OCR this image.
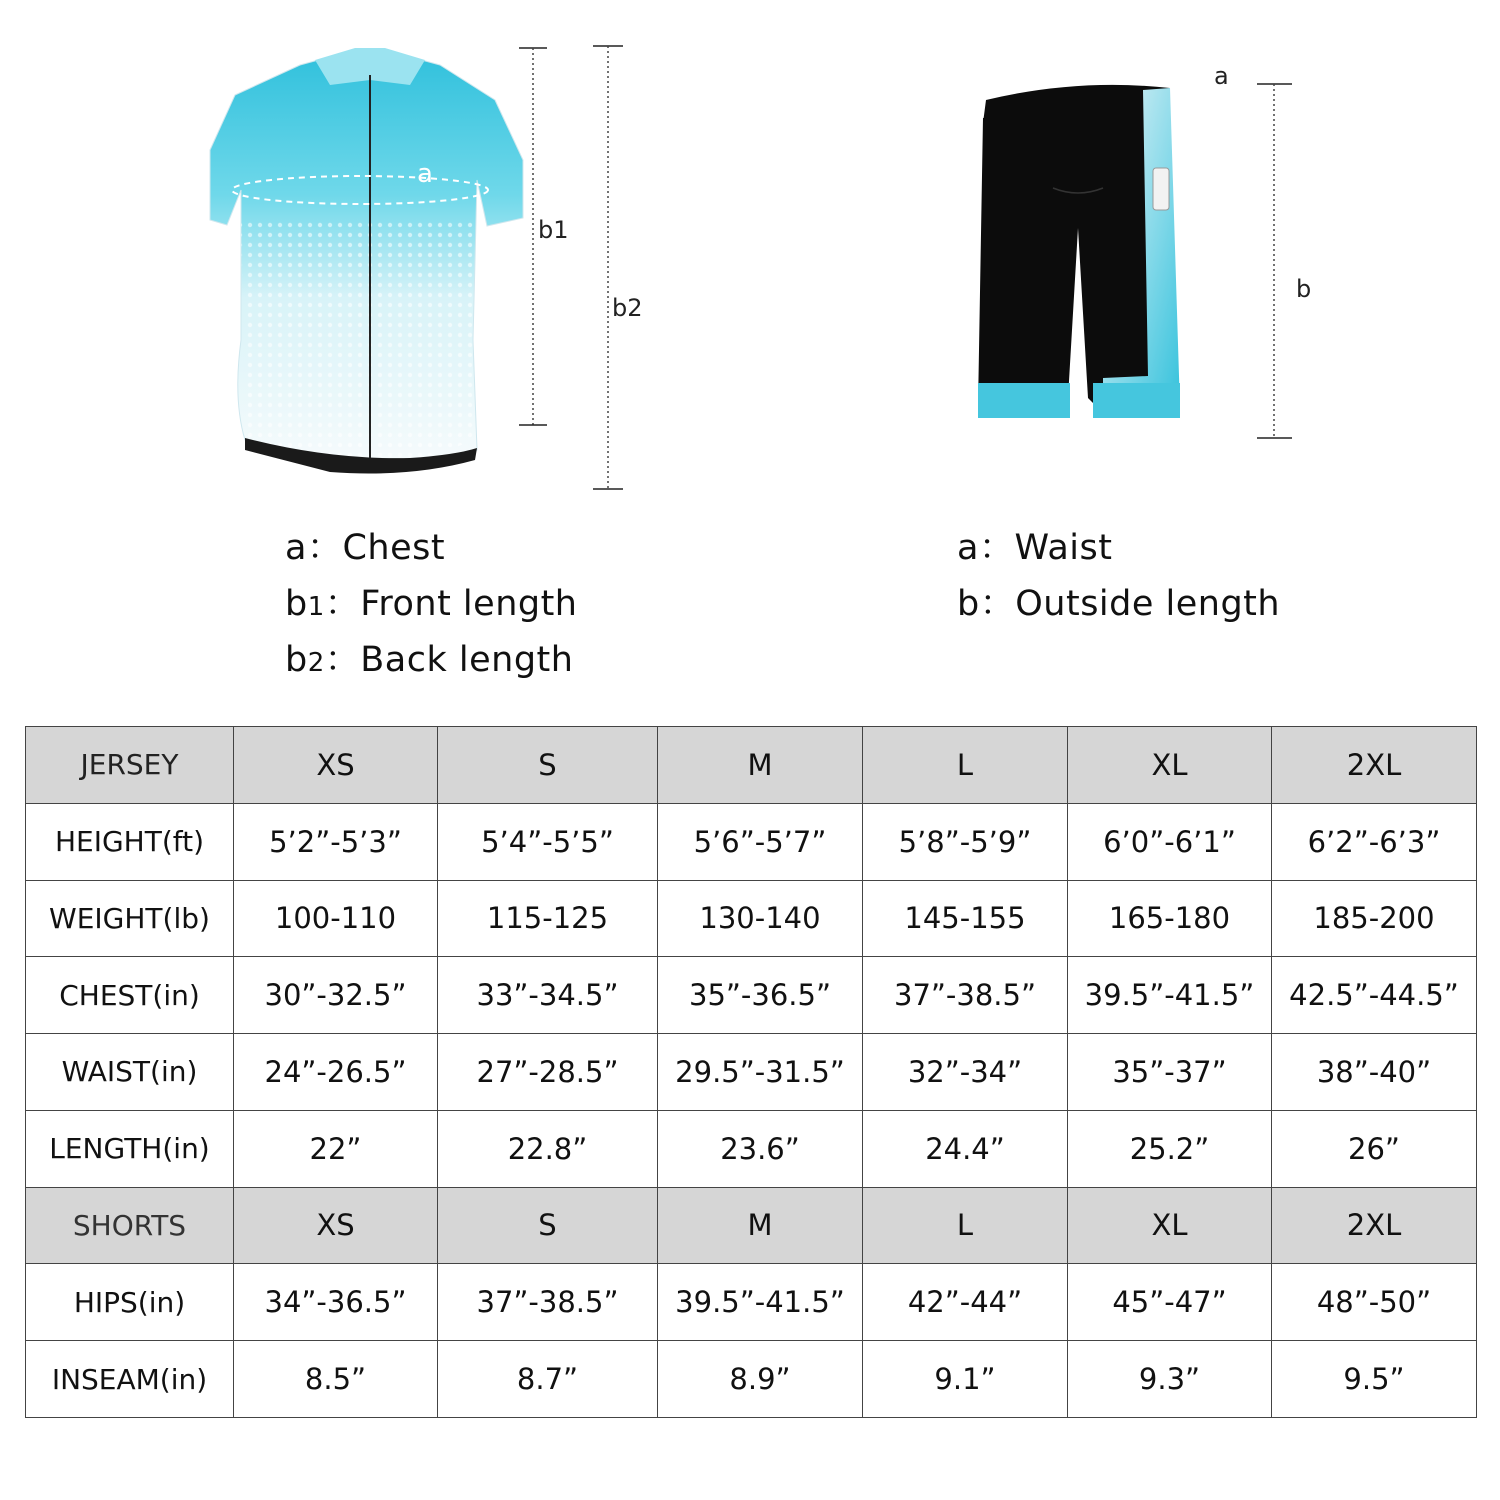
a
b1
b2
a
b
a：Chest
b1：Front length
b2：Back length
a：Waist
b：Outside length
JERSEY	XS	S	M	L	XL	2XL
HEIGHT(ft)	5’2”-5’3”	5’4”-5’5”	5’6”-5’7”	5’8”-5’9”	6’0”-6’1”	6’2”-6’3”
WEIGHT(lb)	100-110	115-125	130-140	145-155	165-180	185-200
CHEST(in)	30”-32.5”	33”-34.5”	35”-36.5”	37”-38.5”	39.5”-41.5”	42.5”-44.5”
WAIST(in)	24”-26.5”	27”-28.5”	29.5”-31.5”	32”-34”	35”-37”	38”-40”
LENGTH(in)	22”	22.8”	23.6”	24.4”	25.2”	26”
SHORTS	XS	S	M	L	XL	2XL
HIPS(in)	34”-36.5”	37”-38.5”	39.5”-41.5”	42”-44”	45”-47”	48”-50”
INSEAM(in)	8.5”	8.7”	8.9”	9.1”	9.3”	9.5”
